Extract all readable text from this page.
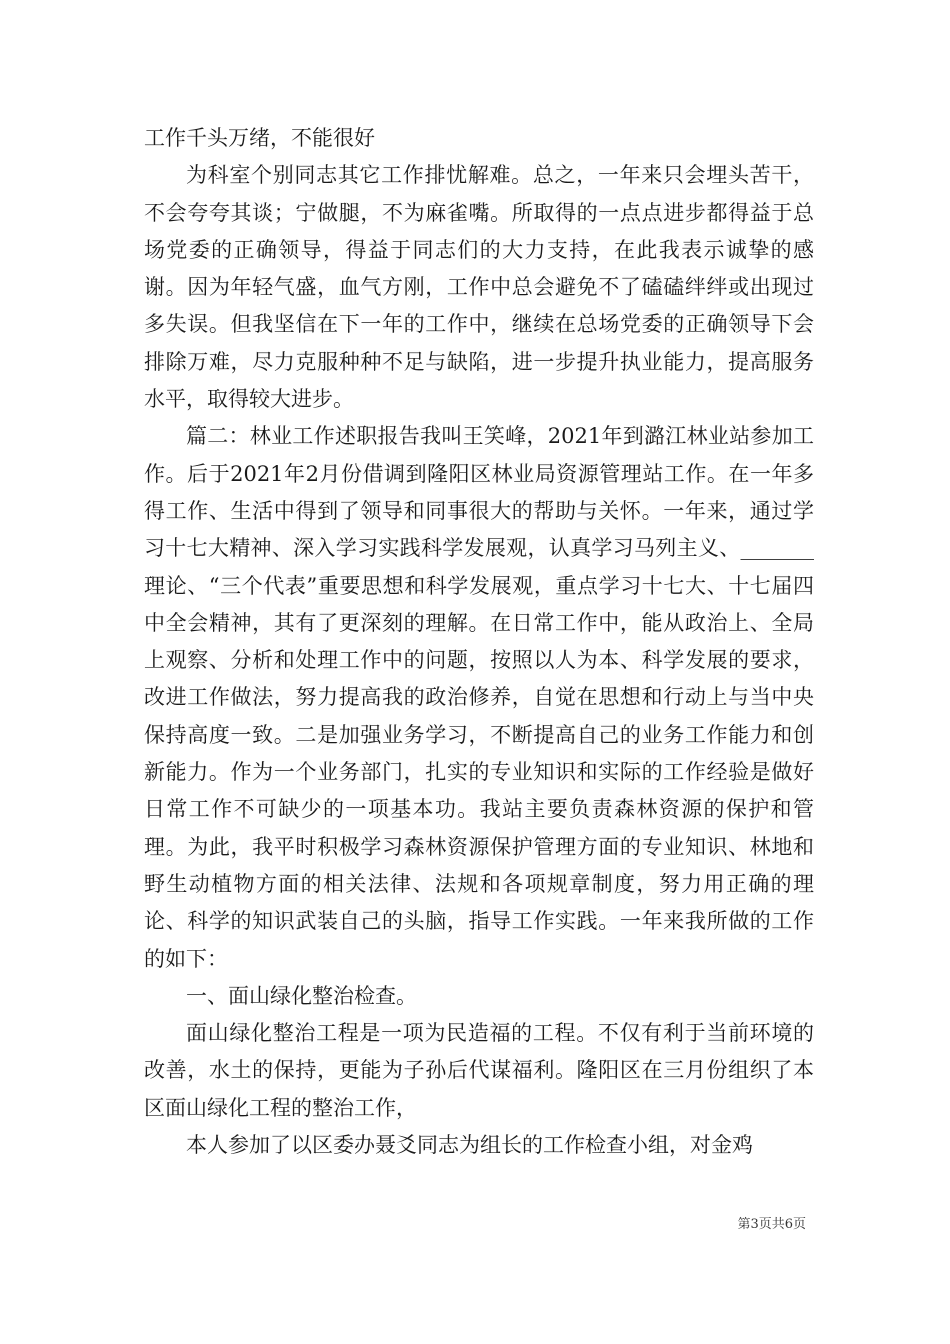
工作千头万绪，不能很好

为科室个别同志其它工作排忧解难。总之，一年来只会埋头苦干，不会夸夸其谈；宁做腿，不为麻雀嘴。所取得的一点点进步都得益于总场党委的正确领导，得益于同志们的大力支持，在此我表示诚挚的感谢。因为年轻气盛，血气方刚，工作中总会避免不了磕磕绊绊或出现过多失误。但我坚信在下一年的工作中，继续在总场党委的正确领导下会排除万难，尽力克服种种不足与缺陷，进一步提升执业能力，提高服务水平，取得较大进步。

篇二：林业工作述职报告我叫王笑峰，2021年到潞江林业站参加工作。后于2021年2月份借调到隆阳区林业局资源管理站工作。在一年多得工作、生活中得到了领导和同事很大的帮助与关怀。一年来，通过学习十七大精神、深入学习实践科学发展观，认真学习马列主义、_______理论、“三个代表”重要思想和科学发展观，重点学习十七大、十七届四中全会精神，其有了更深刻的理解。在日常工作中，能从政治上、全局上观察、分析和处理工作中的问题，按照以人为本、科学发展的要求，改进工作做法，努力提高我的政治修养，自觉在思想和行动上与当中央保持高度一致。二是加强业务学习，不断提高自己的业务工作能力和创新能力。作为一个业务部门，扎实的专业知识和实际的工作经验是做好日常工作不可缺少的一项基本功。我站主要负责森林资源的保护和管理。为此，我平时积极学习森林资源保护管理方面的专业知识、林地和野生动植物方面的相关法律、法规和各项规章制度，努力用正确的理论、科学的知识武装自己的头脑，指导工作实践。一年来我所做的工作的如下：

一、面山绿化整治检查。

面山绿化整治工程是一项为民造福的工程。不仅有利于当前环境的改善，水土的保持，更能为子孙后代谋福利。隆阳区在三月份组织了本区面山绿化工程的整治工作，

本人参加了以区委办聂爻同志为组长的工作检查小组，对金鸡

第3页共6页
